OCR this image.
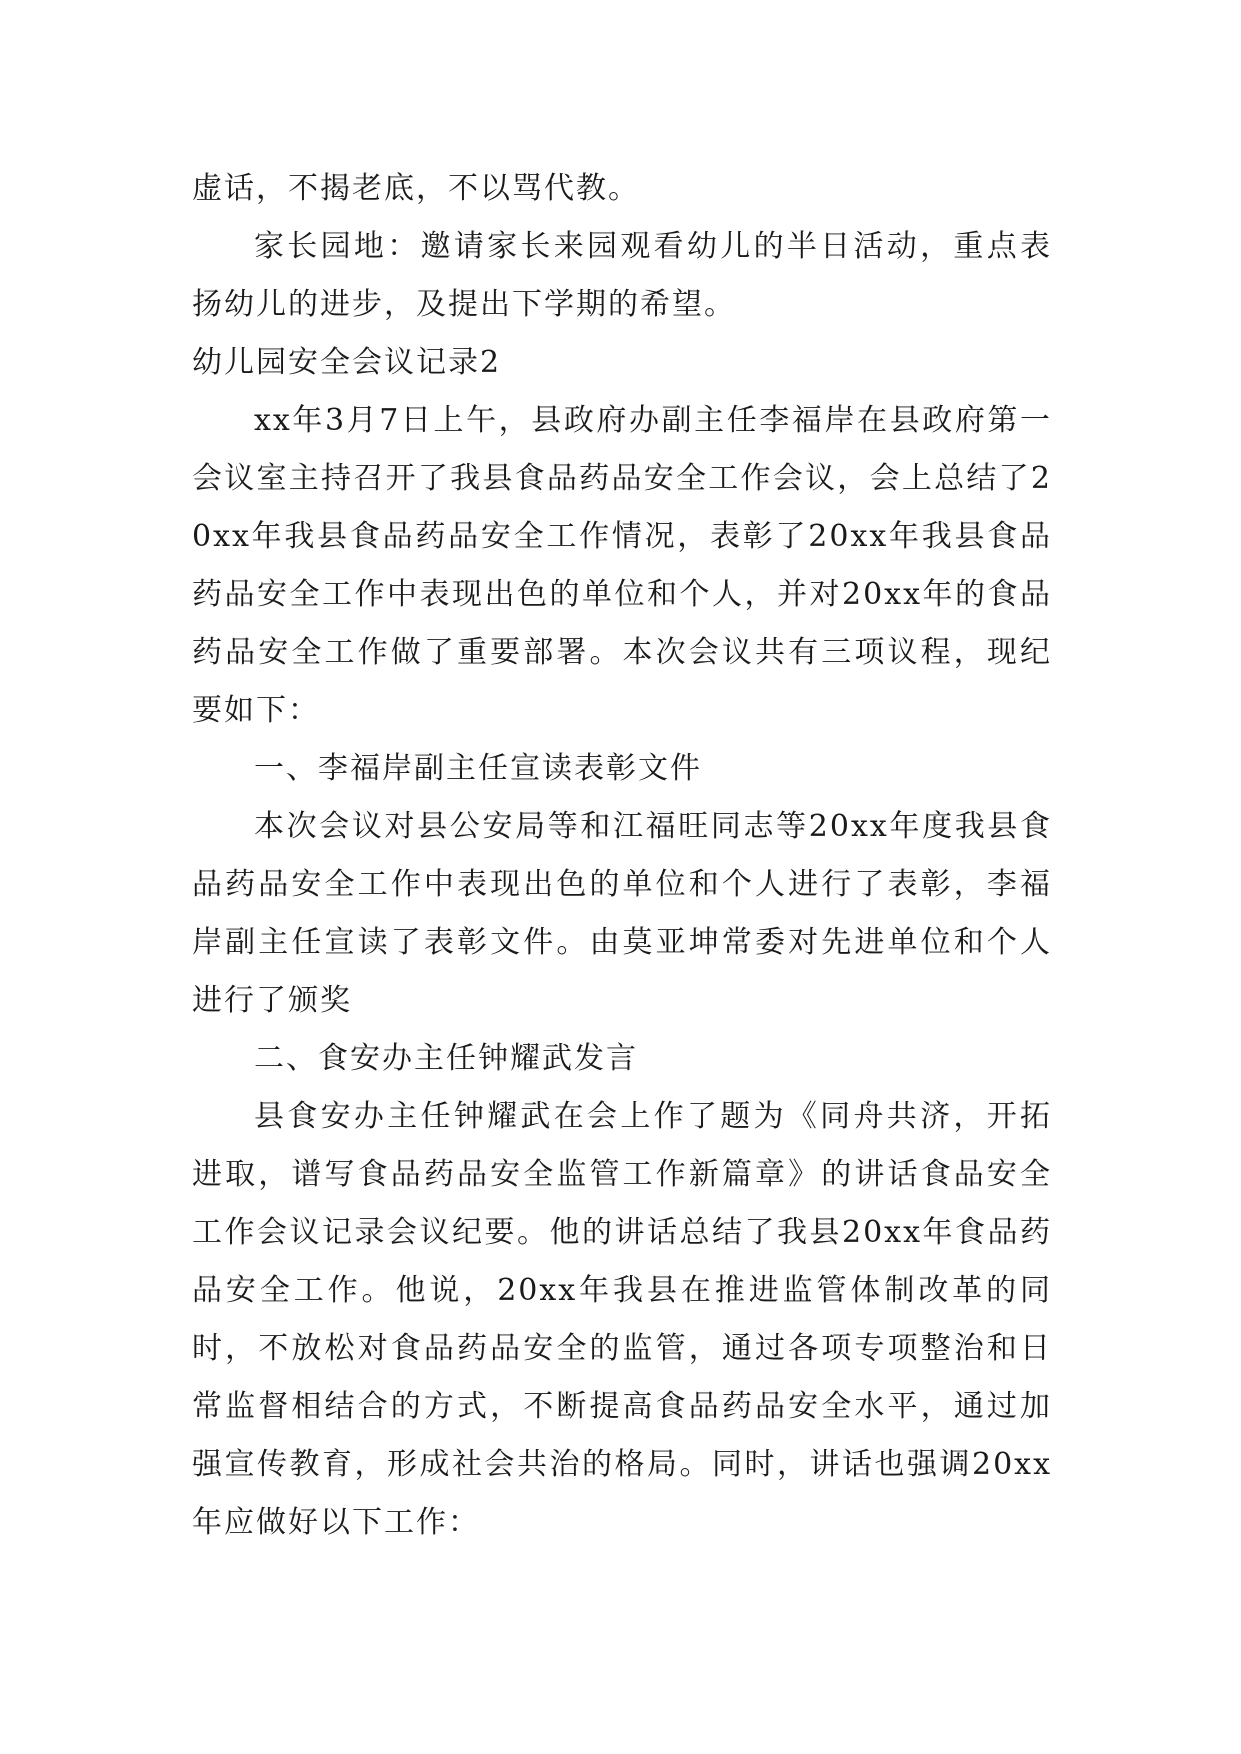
虚话，不揭老底，不以骂代教。

家长园地：邀请家长来园观看幼儿的半日活动，重点表扬幼儿的进步，及提出下学期的希望。

幼儿园安全会议记录2

xx年3月7日上午，县政府办副主任李福岸在县政府第一会议室主持召开了我县食品药品安全工作会议，会上总结了20xx年我县食品药品安全工作情况，表彰了20xx年我县食品药品安全工作中表现出色的单位和个人，并对20xx年的食品药品安全工作做了重要部署。本次会议共有三项议程，现纪要如下：

一、李福岸副主任宣读表彰文件

本次会议对县公安局等和江福旺同志等20xx年度我县食品药品安全工作中表现出色的单位和个人进行了表彰，李福岸副主任宣读了表彰文件。由莫亚坤常委对先进单位和个人进行了颁奖

二、食安办主任钟耀武发言

县食安办主任钟耀武在会上作了题为《同舟共济，开拓进取，谱写食品药品安全监管工作新篇章》的讲话食品安全工作会议记录会议纪要。他的讲话总结了我县20xx年食品药品安全工作。他说，20xx年我县在推进监管体制改革的同时，不放松对食品药品安全的监管，通过各项专项整治和日常监督相结合的方式，不断提高食品药品安全水平，通过加强宣传教育，形成社会共治的格局。同时，讲话也强调20xx年应做好以下工作：
